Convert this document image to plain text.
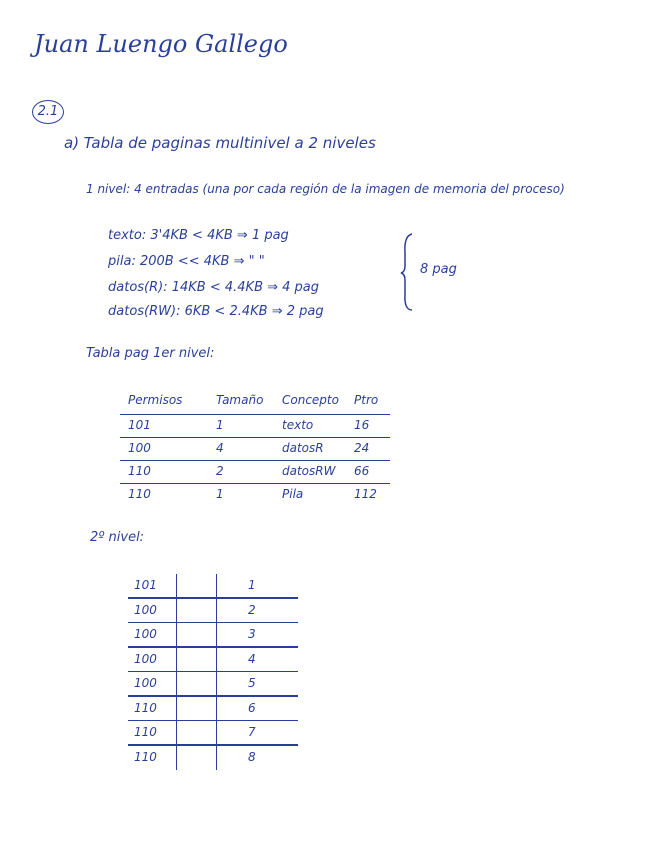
Juan Luengo Gallego
2.1
a) Tabla de paginas multinivel a 2 niveles
1 nivel: 4 entradas (una por cada región de la imagen de memoria del proceso)
texto: 3'4KB < 4KB ⇒ 1 pag
pila: 200B << 4KB ⇒ " "
datos(R): 14KB < 4.4KB ⇒ 4 pag
datos(RW): 6KB < 2.4KB ⇒ 2 pag
8 pag
Tabla pag 1er nivel:
Permisos	Tamaño Concepto Ptro
101	1	texto	16
100	4	datosR	24
110	2	datosRW 66
110	1	Pila	112
2º nivel:
101	1
100	2
100	3
100	4
100	5
110	6
110	7
110	8
